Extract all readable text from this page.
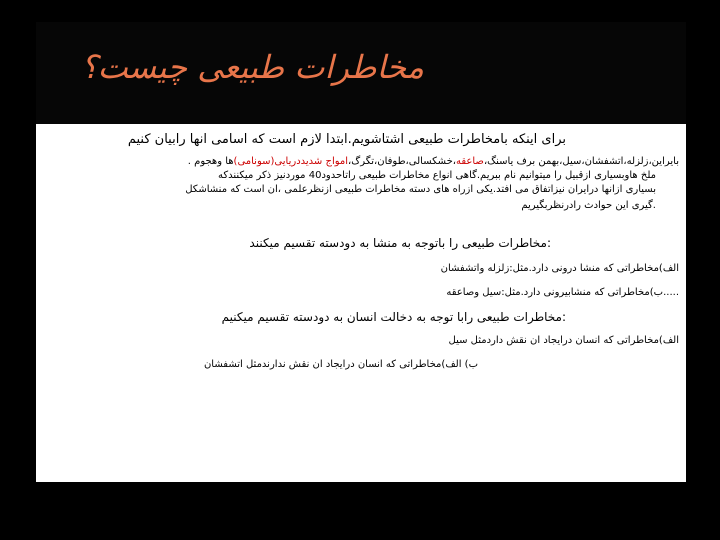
مخاطرات طبیعی چیست؟
برای اینکه بامخاطرات طبیعی اشتاشویم.ابتدا لازم است که اسامی انها رابیان کنیم
بایراین،زلزله،اتشفشان،سیل،بهمن برف یاسنگ،صاعقه،خشکسالی،طوفان،تگرگ،امواج شدیددریایی(سونامی)ها وهجوم .
ملخ هاوبسیاری ازقبیل را میتوانیم نام ببریم.گاهی انواع مخاطرات طبیعی راتاحدود40 موردنیز ذکر میکنندکه
بسیاری ازانها درایران نیزاتفاق می افتد.یکی ازراه های دسته مخاطرات طبیعی ازنظرعلمی ،ان است که منشاشکل
.گیری این حوادث رادرنظربگیریم
:مخاطرات طبیعی را باتوجه به منشا به دودسته تقسیم میکنند
الف)مخاطراتی که منشا درونی دارد.مثل:زلزله واتشفشان
.....ب)مخاطراتی که منشابیرونی دارد.مثل:سیل وصاعقه
:مخاطرات طبیعی رابا توجه به دخالت انسان به دودسته تقسیم میکنیم
الف)مخاطراتی که انسان درایجاد ان نقش داردمثل سیل
ب) الف)مخاطراتی که انسان درایجاد ان نقش ندارندمثل اتشفشان
